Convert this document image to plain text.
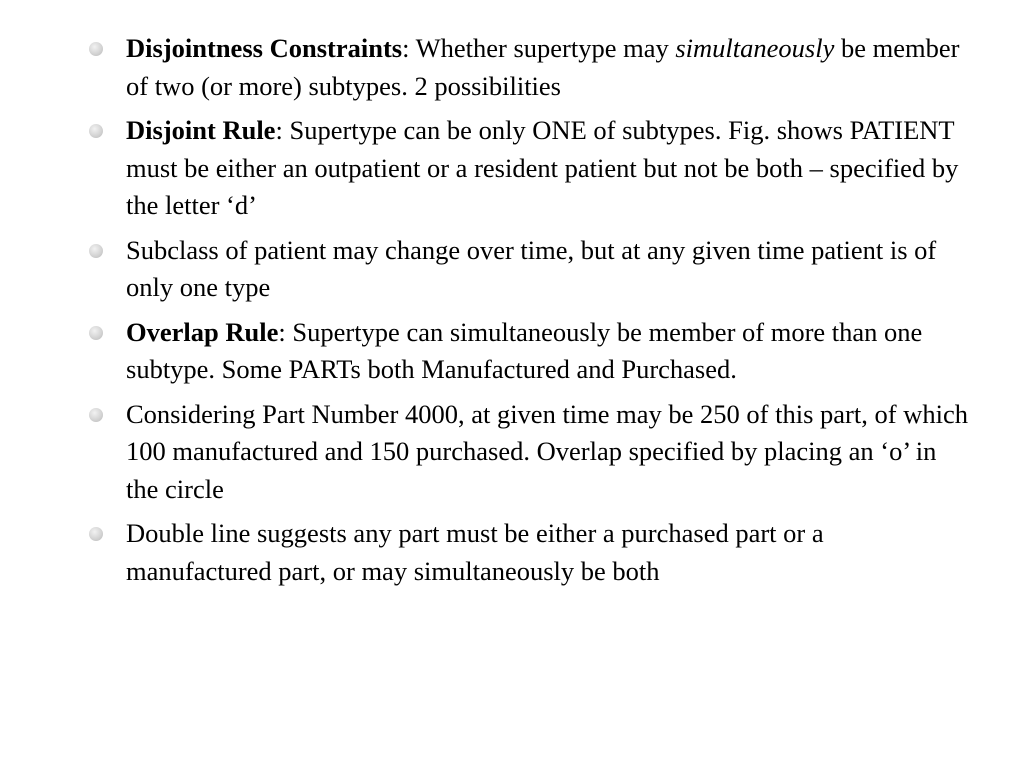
Disjointness Constraints: Whether supertype may simultaneously be member of two (or more) subtypes. 2 possibilities
Disjoint Rule: Supertype can be only ONE of subtypes. Fig. shows PATIENT must be either an outpatient or a resident patient but not be both – specified by the letter ‘d’
Subclass of patient may change over time, but at any given time patient is of only one type
Overlap Rule: Supertype can simultaneously be member of more than one subtype. Some PARTs both Manufactured and Purchased.
Considering Part Number 4000, at given time may be 250 of this part, of which 100 manufactured and 150 purchased. Overlap specified by placing an ‘o’ in the circle
Double line suggests any part must be either a purchased part or a manufactured part, or may simultaneously be both
